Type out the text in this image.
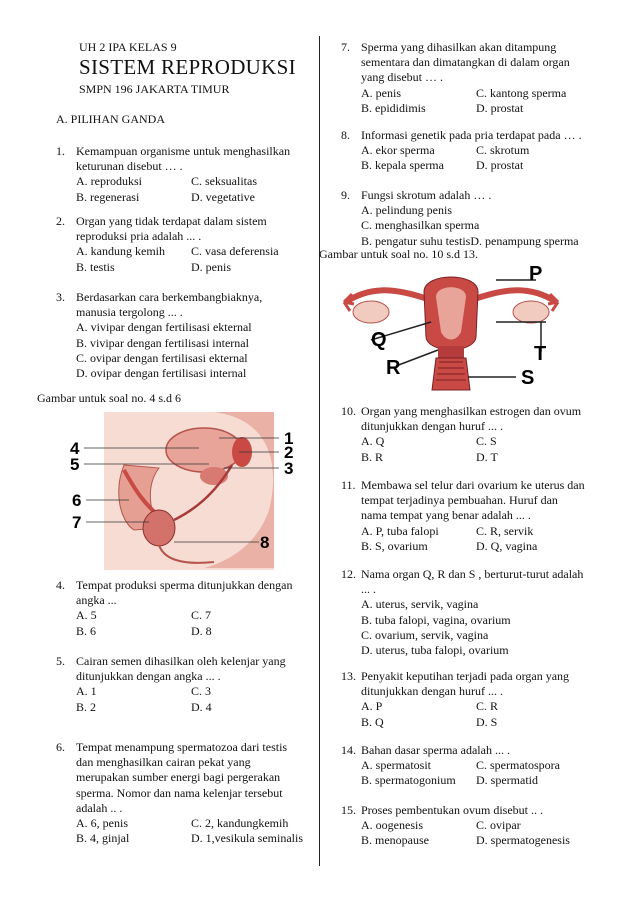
UH 2 IPA KELAS 9
SISTEM REPRODUKSI
SMPN 196 JAKARTA TIMUR
A. PILIHAN GANDA
1. Kemampuan organisme untuk menghasilkan
keturunan disebut … .
A. reproduksi	C. seksualitas
B. regenerasi	D. vegetative
2. Organ yang tidak terdapat dalam sistem
reproduksi pria adalah ... .
A. kandung kemih C. vasa deferensia
B. testis	D. penis
3. Berdasarkan cara berkembangbiaknya,
manusia tergolong ... .
A. vivipar dengan fertilisasi ekternal
B. vivipar dengan fertilisasi internal
C. ovipar dengan fertilisasi ekternal
D. ovipar dengan fertilisasi internal
4. Tempat produksi sperma ditunjukkan dengan
angka ...
A. 5	C. 7
B. 6	D. 8
5. Cairan semen dihasilkan oleh kelenjar yang
ditunjukkan dengan angka ... .
A. 1	C. 3
B. 2	D. 4
6. Tempat menampung spermatozoa dari testis
dan menghasilkan cairan pekat yang
merupakan sumber energi bagi pergerakan
sperma. Nomor dan nama kelenjar tersebut
adalah .. .
A. 6, penis	C. 2, kandungkemih
B. 4, ginjal	D. 1,vesikula seminalis
7. Sperma yang dihasilkan akan ditampung
sementara dan dimatangkan di dalam organ
yang disebut … .
A. penis	C. kantong sperma
B. epididimis	D. prostat
8. Informasi genetik pada pria terdapat pada … .
A. ekor sperma	C. skrotum
B. kepala sperma	D. prostat
9. Fungsi skrotum adalah … .
A. pelindung penis
C. menghasilkan sperma
B. pengatur suhu testisD. penampung sperma
10. Organ yang menghasilkan estrogen dan ovum
ditunjukkan dengan huruf ... .
A. Q	C. S
B. R	D. T
11. Membawa sel telur dari ovarium ke uterus dan
tempat terjadinya pembuahan. Huruf dan
nama tempat yang benar adalah ... .
A. P, tuba falopi	C. R, servik
B. S, ovarium	D. Q, vagina
12. Nama organ Q, R dan S , berturut-turut adalah
... .
A. uterus, servik, vagina
B. tuba falopi, vagina, ovarium
C. ovarium, servik, vagina
D. uterus, tuba falopi, ovarium
13. Penyakit keputihan terjadi pada organ yang
ditunjukkan dengan huruf ... .
A. P	C. R
B. Q	D. S
14. Bahan dasar sperma adalah ... .
A. spermatosit	C. spermatospora
B. spermatogonium D. spermatid
15. Proses pembentukan ovum disebut .. .
A. oogenesis	C. ovipar
B. menopause	D. spermatogenesis
Gambar untuk soal no. 4 s.d 6
1
2
3
4
5
6
7
8
Gambar untuk soal no. 10 s.d 13.
P
Q
R	S
T
